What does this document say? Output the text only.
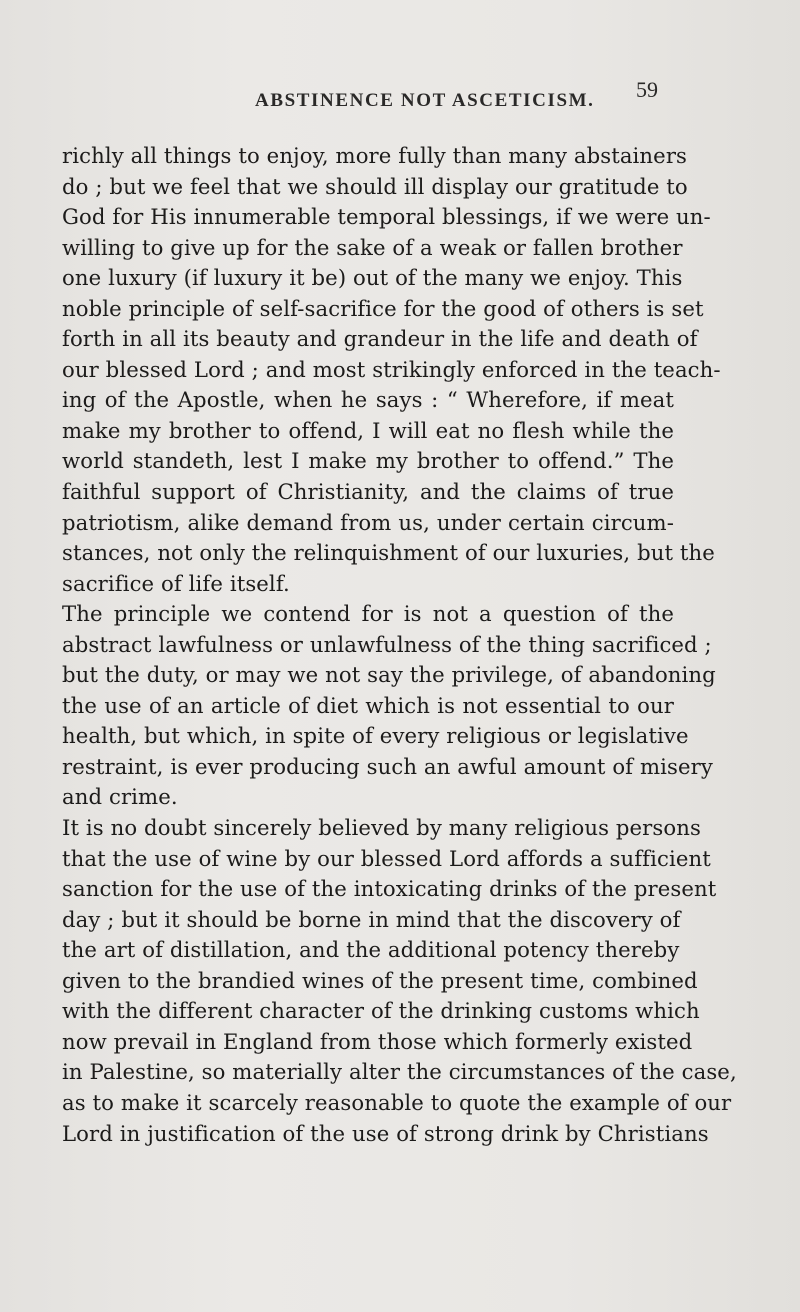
ABSTINENCE NOT ASCETICISM. 59
richly all things to enjoy, more fully than many abstainers
do ; but we feel that we should ill display our gratitude to
God for His innumerable temporal blessings, if we were un-
willing to give up for the sake of a weak or fallen brother
one luxury (if luxury it be) out of the many we enjoy. This
noble principle of self-sacrifice for the good of others is set
forth in all its beauty and grandeur in the life and death of
our blessed Lord ; and most strikingly enforced in the teach-
ing of the Apostle, when he says : “ Wherefore, if meat
make my brother to offend, I will eat no flesh while the
world standeth, lest I make my brother to offend.” The
faithful support of Christianity, and the claims of true
patriotism, alike demand from us, under certain circum-
stances, not only the relinquishment of our luxuries, but the
sacrifice of life itself.
The principle we contend for is not a question of the
abstract lawfulness or unlawfulness of the thing sacrificed ;
but the duty, or may we not say the privilege, of abandoning
the use of an article of diet which is not essential to our
health, but which, in spite of every religious or legislative
restraint, is ever producing such an awful amount of misery
and crime.
It is no doubt sincerely believed by many religious persons
that the use of wine by our blessed Lord affords a sufficient
sanction for the use of the intoxicating drinks of the present
day ; but it should be borne in mind that the discovery of
the art of distillation, and the additional potency thereby
given to the brandied wines of the present time, combined
with the different character of the drinking customs which
now prevail in England from those which formerly existed
in Palestine, so materially alter the circumstances of the case,
as to make it scarcely reasonable to quote the example of our
Lord in justification of the use of strong drink by Christians
